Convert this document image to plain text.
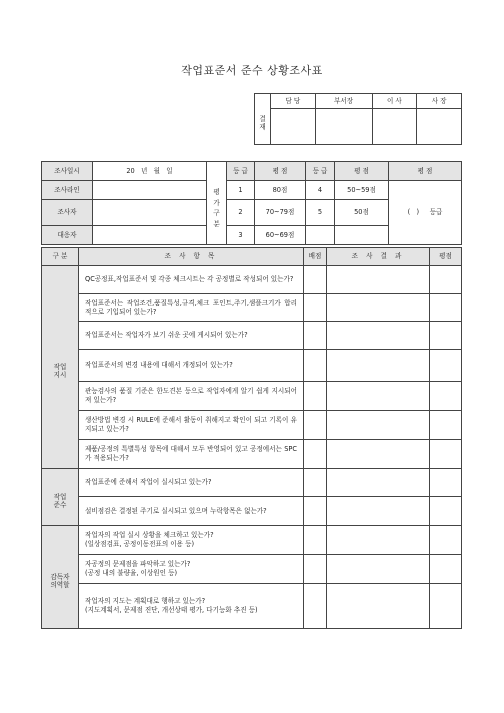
작업표준서 준수 상황조사표

결
재	담 당	부서장	이 사	사 장

조사일시	20   년   월   일	평
가
구
분	등 급	평 점	등 급	평 점	평 점
조사라인			1	80점	4	50~59점	(   )     등급
조사자			2	70~79점	5	50점	
대응자			3	60~69점			
구 분	조 사 항 목	배점	조 사 결 과	평점

작업
지시	QC공정표,작업표준서 및 각종 체크시트는 각 공정별로 작성되어 있는가?			
	작업표준서는 작업조건,품질특성,규격,체크 포인트,주기,샘플크기가 합리적으로 기입되어 있는가?			
	작업표준서는 작업자가 보기 쉬운 곳에 게시되어 있는가?			
	작업표준서의 변경 내용에 대해서 개정되어 있는가?			
	관능검사의 품질 기준은 한도견본 등으로 작업자에게 알기 쉽게 지시되어져 있는가?			
	생산방법 변경 시 RULE에 준해서 활동이 취해지고 확인이 되고 기록이 유지되고 있는가?			
	제품/공정의 특별특성 항목에 대해서 모두 반영되어 있고 공정에서는 SPC가 적용되는가?			

작업
준수	작업표준에 준해서 작업이 실시되고 있는가?			
	설비점검은 결정된 주기로 실시되고 있으며 누락항목은 없는가?			

감독자
의역할	작업자의 작업 실시 상황을 체크하고 있는가?
(일상점검표, 공정이동전표의 이용 등)			
	자공정의 문제점을 파악하고 있는가?
(공정 내의 불량율, 이상원인 등)			
	작업자의 지도는 계획대로 행하고 있는가?
(지도계획서, 문제점 진단, 개선상태 평가, 다기능화 추진 등)			
